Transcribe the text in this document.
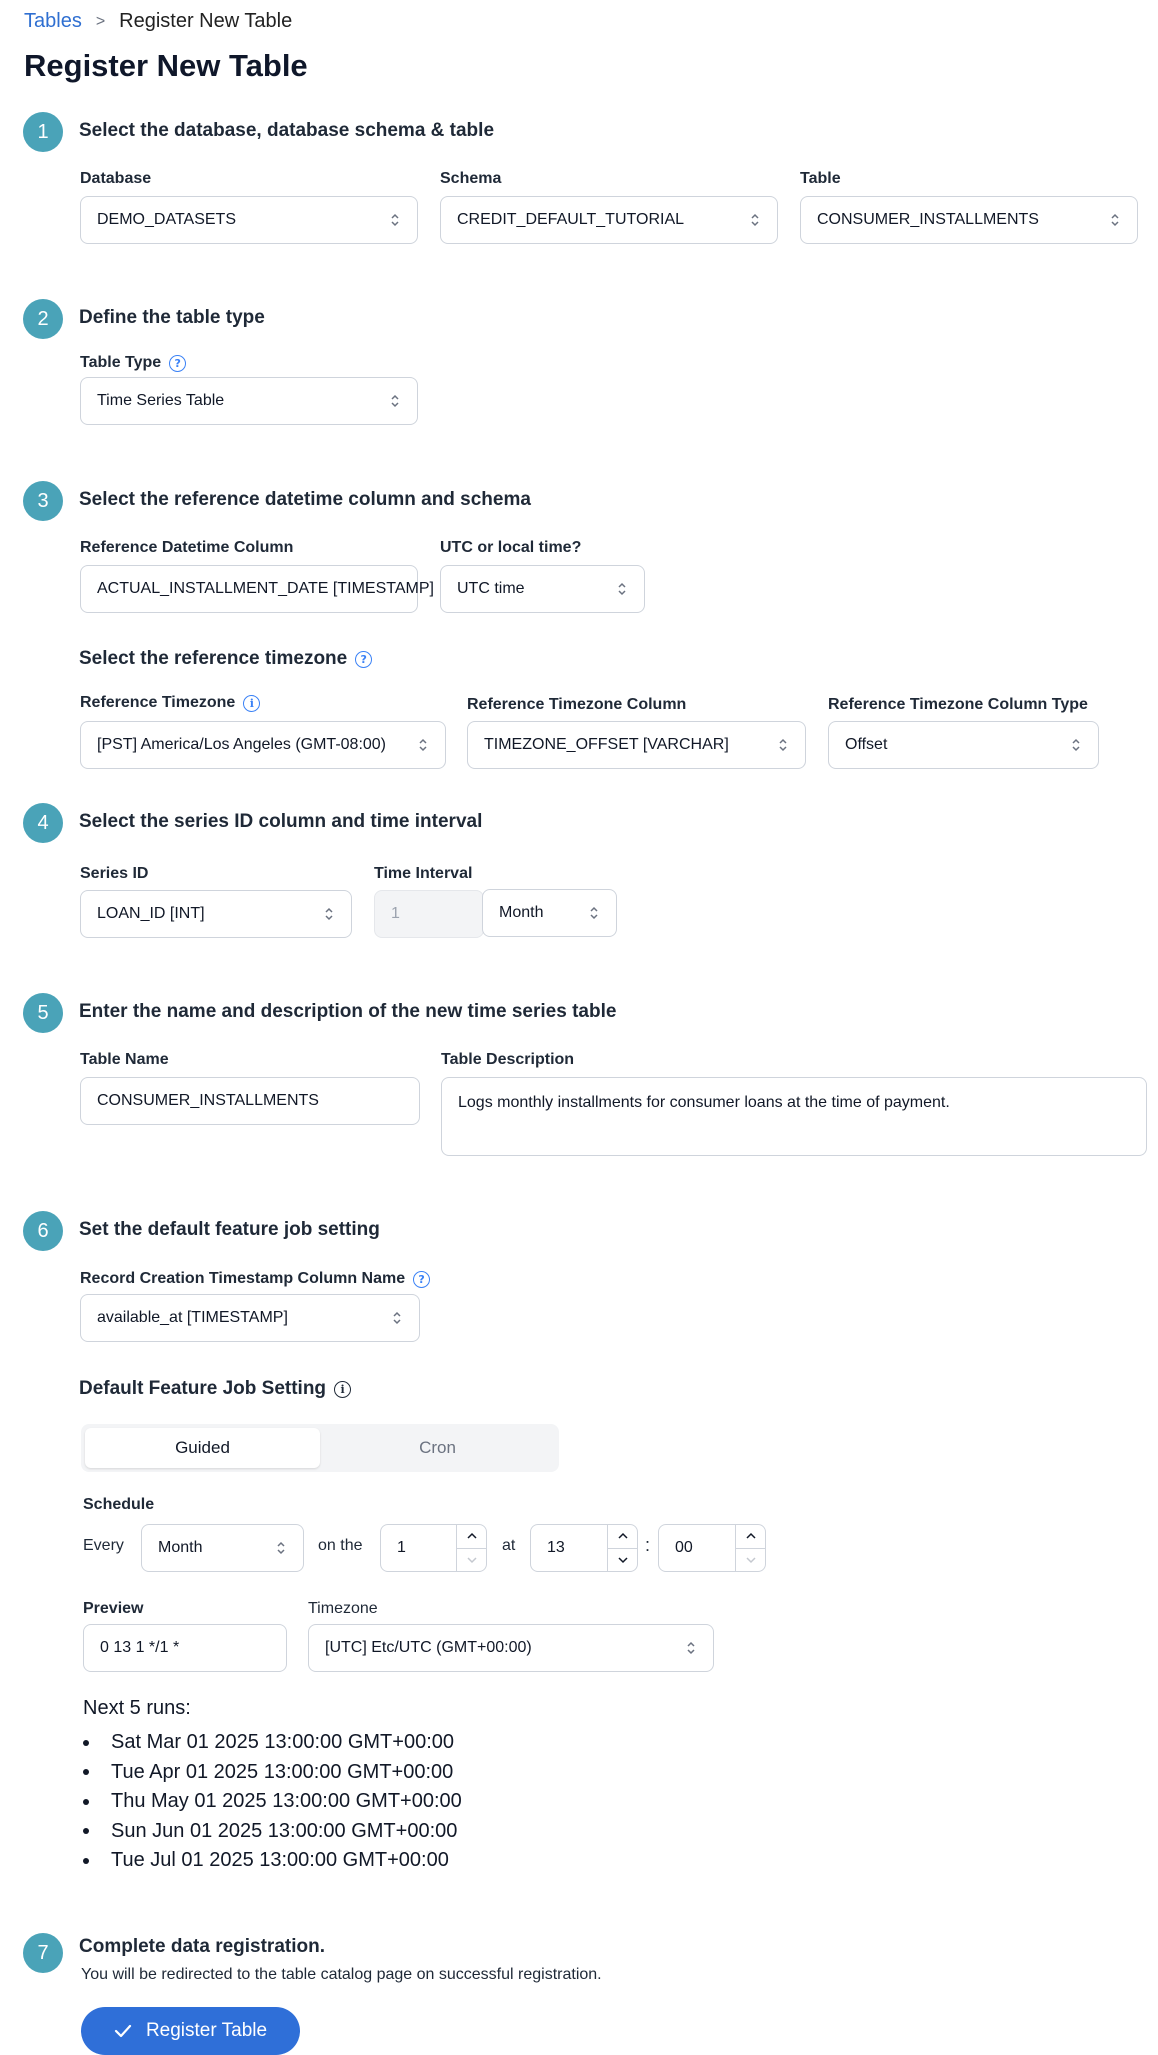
Tables > Register New Table
Register New Table
1	Select the database, database schema & table
Database
DEMO_DATASETS
Schema
CREDIT_DEFAULT_TUTORIAL
Table
CONSUMER_INSTALLMENTS
2	Define the table type
Table Type	?
Time Series Table
3	Select the reference datetime column and schema
Reference Datetime Column
ACTUAL_INSTALLMENT_DATE [TIMESTAMP]
UTC or local time?
UTC time
Select the reference timezone	?
Reference Timezone	i
[PST] America/Los Angeles (GMT-08:00)
Reference Timezone Column
TIMEZONE_OFFSET [VARCHAR]
Reference Timezone Column Type
Offset
4	Select the series ID column and time interval
Series ID
LOAN_ID [INT]
Time Interval
1	Month
5	Enter the name and description of the new time series table
Table Name
CONSUMER_INSTALLMENTS
Table Description
Logs monthly installments for consumer loans at the time of payment.
6	Set the default feature job setting
Record Creation Timestamp Column Name	?
available_at [TIMESTAMP]
Default Feature Job Setting	i
Guided	Cron
Schedule
Every Month	on the	1	at	13	:	00
Preview
0 13 1 */1 *
Timezone
[UTC] Etc/UTC (GMT+00:00)
Next 5 runs:
Sat Mar 01 2025 13:00:00 GMT+00:00
Tue Apr 01 2025 13:00:00 GMT+00:00
Thu May 01 2025 13:00:00 GMT+00:00
Sun Jun 01 2025 13:00:00 GMT+00:00
Tue Jul 01 2025 13:00:00 GMT+00:00
7	Complete data registration.
You will be redirected to the table catalog page on successful registration.
Register Table
